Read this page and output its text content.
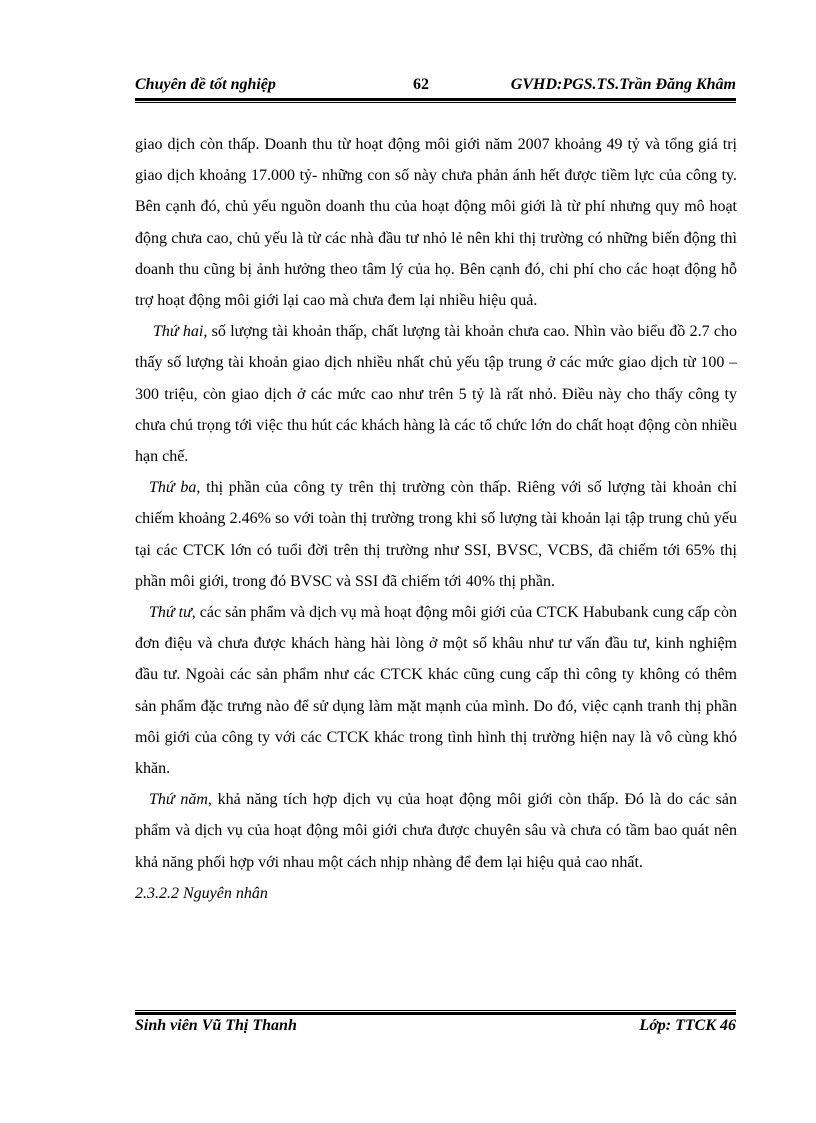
Chuyên đề tốt nghiệp	62	GVHD:PGS.TS.Trần Đăng Khâm

giao dịch còn thấp. Doanh thu từ hoạt động môi giới năm 2007 khoảng 49 tỷ và tổng giá trị giao dịch khoảng 17.000 tỷ- những con số này chưa phản ánh hết được tiềm lực của công ty. Bên cạnh đó, chủ yếu nguồn doanh thu của hoạt động môi giới là từ phí nhưng quy mô hoạt động chưa cao, chủ yếu là từ các nhà đầu tư nhỏ lẻ nên khi thị trường có những biến động thì doanh thu cũng bị ảnh hưởng theo tâm lý của họ. Bên cạnh đó, chi phí cho các hoạt động hỗ trợ hoạt động môi giới lại cao mà chưa đem lại nhiều hiệu quả.

Thứ hai, số lượng tài khoản thấp, chất lượng tài khoản chưa cao. Nhìn vào biểu đồ 2.7 cho thấy số lượng tài khoản giao dịch nhiều nhất chủ yếu tập trung ở các mức giao dịch từ 100 – 300 triệu, còn giao dịch ở các mức cao như trên 5 tỷ là rất nhỏ. Điều này cho thấy công ty chưa chú trọng tới việc thu hút các khách hàng là các tổ chức lớn do chất hoạt động còn nhiều hạn chế.

Thứ ba, thị phần của công ty trên thị trường còn thấp. Riêng với số lượng tài khoản chỉ chiếm khoảng 2.46% so với toàn thị trường trong khi số lượng tài khoản lại tập trung chủ yếu tại các CTCK lớn có tuổi đời trên thị trường như SSI, BVSC, VCBS, đã chiếm tới 65% thị phần môi giới, trong đó BVSC và SSI đã chiếm tới 40% thị phần.

Thứ tư, các sản phẩm và dịch vụ mà hoạt động môi giới của CTCK Habubank cung cấp còn đơn điệu và chưa được khách hàng hài lòng ở một số khâu như tư vấn đầu tư, kinh nghiệm đầu tư. Ngoài các sản phẩm như các CTCK khác cũng cung cấp thì công ty không có thêm sản phẩm đặc trưng nào để sử dụng làm mặt mạnh của mình. Do đó, việc cạnh tranh thị phần môi giới của công ty với các CTCK khác trong tình hình thị trường hiện nay là vô cùng khó khăn.

Thứ năm, khả năng tích hợp dịch vụ của hoạt động môi giới còn thấp. Đó là do các sản phẩm và dịch vụ của hoạt động môi giới chưa được chuyên sâu và chưa có tầm bao quát nên khả năng phối hợp với nhau một cách nhịp nhàng để đem lại hiệu quả cao nhất.

2.3.2.2 Nguyên nhân

Sinh viên Vũ Thị Thanh	Lớp: TTCK 46
